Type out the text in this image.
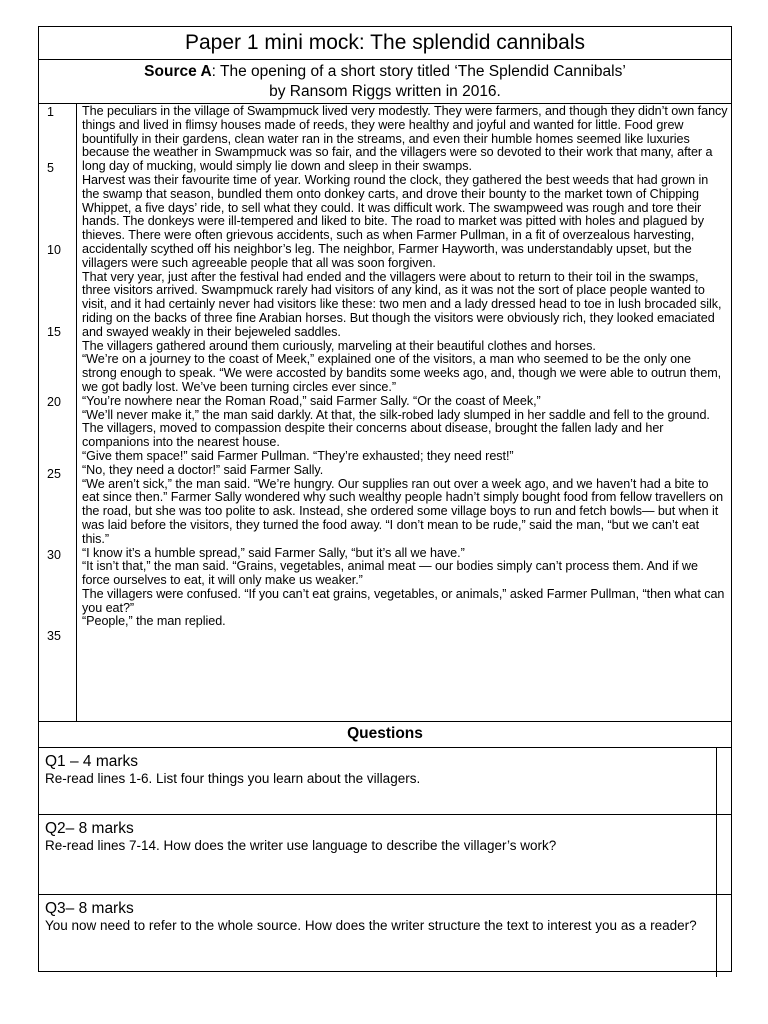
Paper 1 mini mock: The splendid cannibals
Source A: The opening of a short story titled ‘The Splendid Cannibals’
by Ransom Riggs written in 2016.
1
5
10
15
20
25
30
35

The peculiars in the village of Swampmuck lived very modestly. They were farmers, and though they didn’t own fancy things and lived in flimsy houses made of reeds, they were healthy and joyful and wanted for little. Food grew bountifully in their gardens, clean water ran in the streams, and even their humble homes seemed like luxuries because the weather in Swampmuck was so fair, and the villagers were so devoted to their work that many, after a long day of mucking, would simply lie down and sleep in their swamps.

Harvest was their favourite time of year. Working round the clock, they gathered the best weeds that had grown in the swamp that season, bundled them onto donkey carts, and drove their bounty to the market town of Chipping Whippet, a five days’ ride, to sell what they could. It was difficult work. The swampweed was rough and tore their hands. The donkeys were ill-tempered and liked to bite. The road to market was pitted with holes and plagued by thieves. There were often grievous accidents, such as when Farmer Pullman, in a fit of overzealous harvesting, accidentally scythed off his neighbor’s leg. The neighbor, Farmer Hayworth, was understandably upset, but the villagers were such agreeable people that all was soon forgiven.

That very year, just after the festival had ended and the villagers were about to return to their toil in the swamps, three visitors arrived. Swampmuck rarely had visitors of any kind, as it was not the sort of place people wanted to visit, and it had certainly never had visitors like these: two men and a lady dressed head to toe in lush brocaded silk, riding on the backs of three fine Arabian horses. But though the visitors were obviously rich, they looked emaciated and swayed weakly in their bejeweled saddles.

The villagers gathered around them curiously, marveling at their beautiful clothes and horses.

“We’re on a journey to the coast of Meek,” explained one of the visitors, a man who seemed to be the only one strong enough to speak. “We were accosted by bandits some weeks ago, and, though we were able to outrun them, we got badly lost. We’ve been turning circles ever since.”

“You’re nowhere near the Roman Road,” said Farmer Sally. “Or the coast of Meek,”

“We’ll never make it,” the man said darkly. At that, the silk-robed lady slumped in her saddle and fell to the ground. The villagers, moved to compassion despite their concerns about disease, brought the fallen lady and her companions into the nearest house.

“Give them space!” said Farmer Pullman. “They’re exhausted; they need rest!”

“No, they need a doctor!” said Farmer Sally.

“We aren’t sick,” the man said. “We’re hungry. Our supplies ran out over a week ago, and we haven’t had a bite to eat since then.” Farmer Sally wondered why such wealthy people hadn’t simply bought food from fellow travellers on the road, but she was too polite to ask. Instead, she ordered some village boys to run and fetch bowls— but when it was laid before the visitors, they turned the food away. “I don’t mean to be rude,” said the man, “but we can’t eat this.”

“I know it’s a humble spread,” said Farmer Sally, “but it’s all we have.”

“It isn’t that,” the man said. “Grains, vegetables, animal meat — our bodies simply can’t process them. And if we force ourselves to eat, it will only make us weaker.”

The villagers were confused. “If you can’t eat grains, vegetables, or animals,” asked Farmer Pullman, “then what can you eat?”

“People,” the man replied.

Questions
Q1 – 4 marks
Re-read lines 1-6. List four things you learn about the villagers.
Q2– 8 marks
Re-read lines 7-14. How does the writer use language to describe the villager’s work?
Q3– 8 marks
You now need to refer to the whole source. How does the writer structure the text to interest you as a reader?
